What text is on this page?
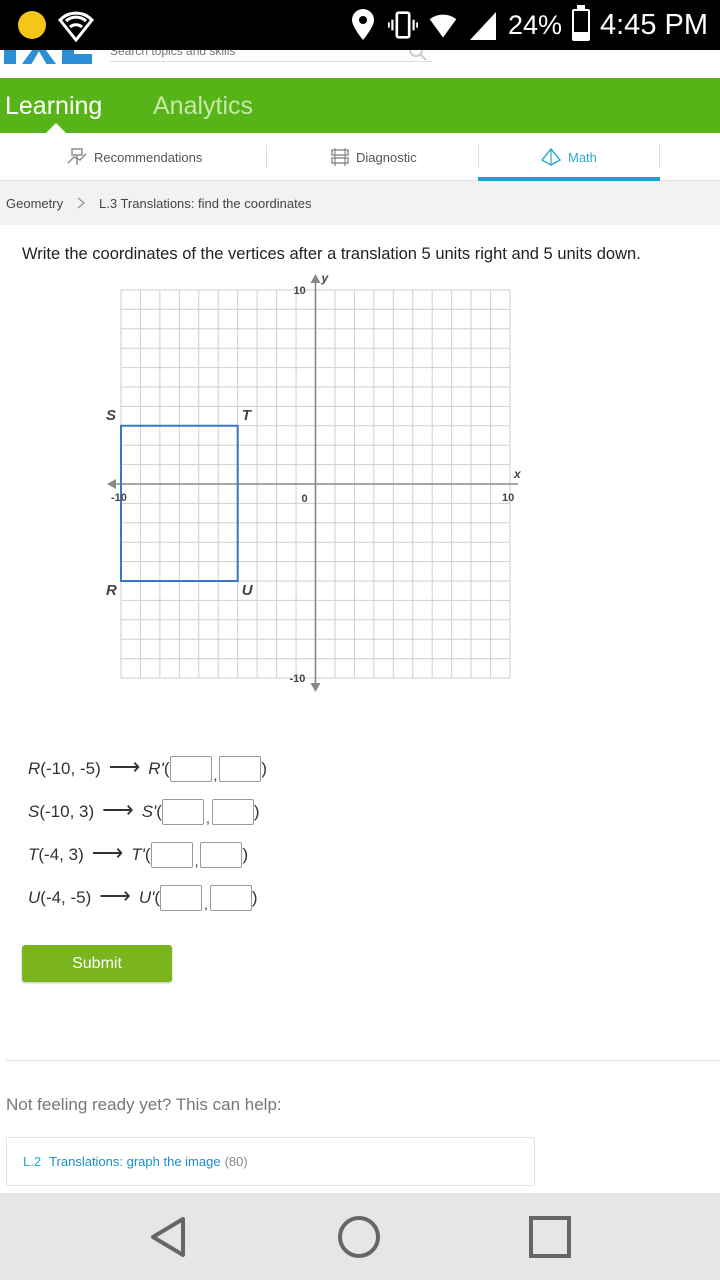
24% 4:45 PM
Search topics and skills
Learning Analytics
Recommendations	Diagnostic	Math
Geometry	L.3 Translations: find the coordinates
Write the coordinates of the vertices after a translation 5 units right and 5 units down.
-10	10
10
-10
0
x
y
R
S	T
U
R (-10, -5) ⟶ R' (	,	)
S (-10, 3) ⟶ S' (	,	)
T (-4, 3) ⟶ T' (	,	)
U (-4, -5) ⟶ U' (	,	)
Submit
Not feeling ready yet? This can help:
L.2 Translations: graph the image (80)
